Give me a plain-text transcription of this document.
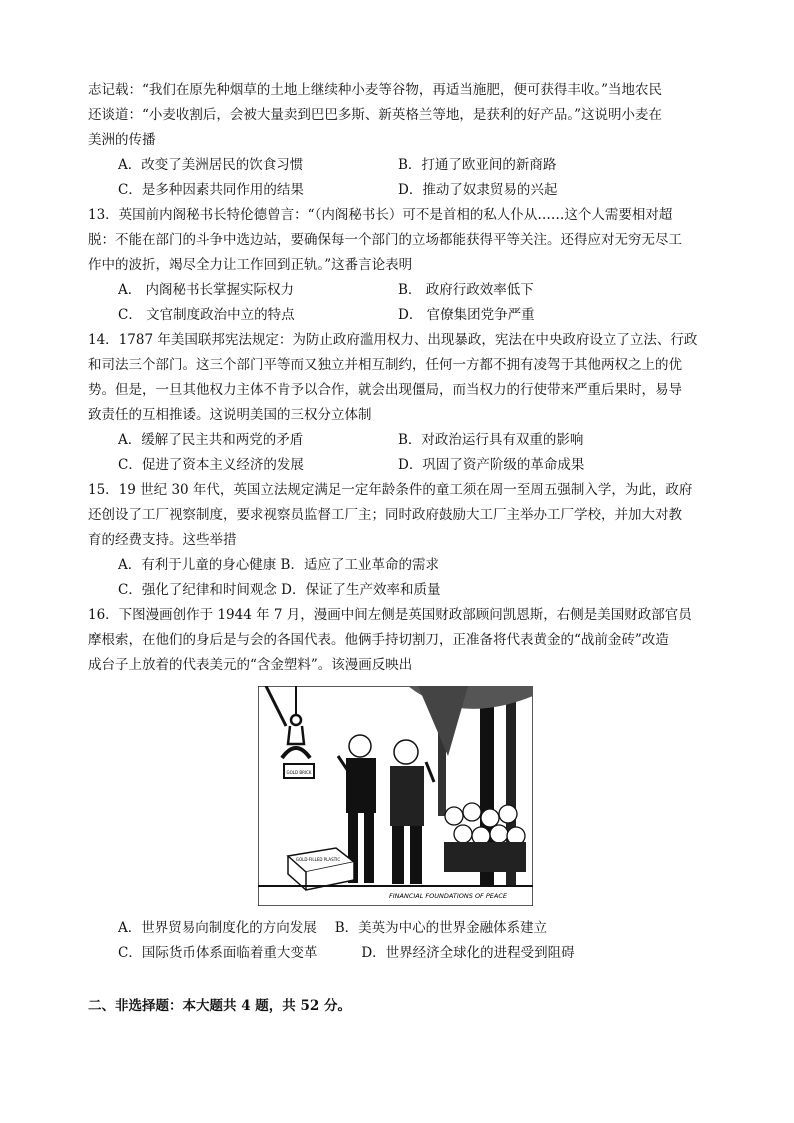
志记载：“我们在原先种烟草的土地上继续种小麦等谷物，再适当施肥，便可获得丰收。”当地农民

还谈道：“小麦收割后，会被大量卖到巴巴多斯、新英格兰等地，是获利的好产品。”这说明小麦在

美洲的传播

A．改变了美洲居民的饮食习惯	B．打通了欧亚间的新商路
C．是多种因素共同作用的结果	D．推动了奴隶贸易的兴起

13．英国前内阁秘书长特伦德曾言：“（内阁秘书长）可不是首相的私人仆从……这个人需要相对超

脱：不能在部门的斗争中选边站，要确保每一个部门的立场都能获得平等关注。还得应对无穷无尽工

作中的波折，竭尽全力让工作回到正轨。”这番言论表明

A． 内阁秘书长掌握实际权力	B． 政府行政效率低下
C． 文官制度政治中立的特点	D． 官僚集团党争严重

14．1787 年美国联邦宪法规定：为防止政府滥用权力、出现暴政，宪法在中央政府设立了立法、行政

和司法三个部门。这三个部门平等而又独立并相互制约，任何一方都不拥有凌驾于其他两权之上的优

势。但是，一旦其他权力主体不肯予以合作，就会出现僵局，而当权力的行使带来严重后果时，易导

致责任的互相推诿。这说明美国的三权分立体制

A．缓解了民主共和两党的矛盾	B．对政治运行具有双重的影响
C．促进了资本主义经济的发展	D．巩固了资产阶级的革命成果

15．19 世纪 30 年代，英国立法规定满足一定年龄条件的童工须在周一至周五强制入学，为此，政府

还创设了工厂视察制度，要求视察员监督工厂主；同时政府鼓励大工厂主举办工厂学校，并加大对教

育的经费支持。这些举措

A．有利于儿童的身心健康 B．适应了工业革命的需求

C．强化了纪律和时间观念 D．保证了生产效率和质量

16．下图漫画创作于 1944 年 7 月，漫画中间左侧是英国财政部顾问凯恩斯，右侧是美国财政部官员

摩根索，在他们的身后是与会的各国代表。他俩手持切割刀，正准备将代表黄金的“战前金砖”改造

成台子上放着的代表美元的“含金塑料”。该漫画反映出

GOLD BRICK
GOLD-FILLED PLASTIC
FINANCIAL FOUNDATIONS OF PEACE
A．世界贸易向制度化的方向发展 B．美英为中心的世界金融体系建立
C．国际货币体系面临着重大变革	D．世界经济全球化的进程受到阻碍

二、非选择题：本大题共 4 题，共 52 分。
